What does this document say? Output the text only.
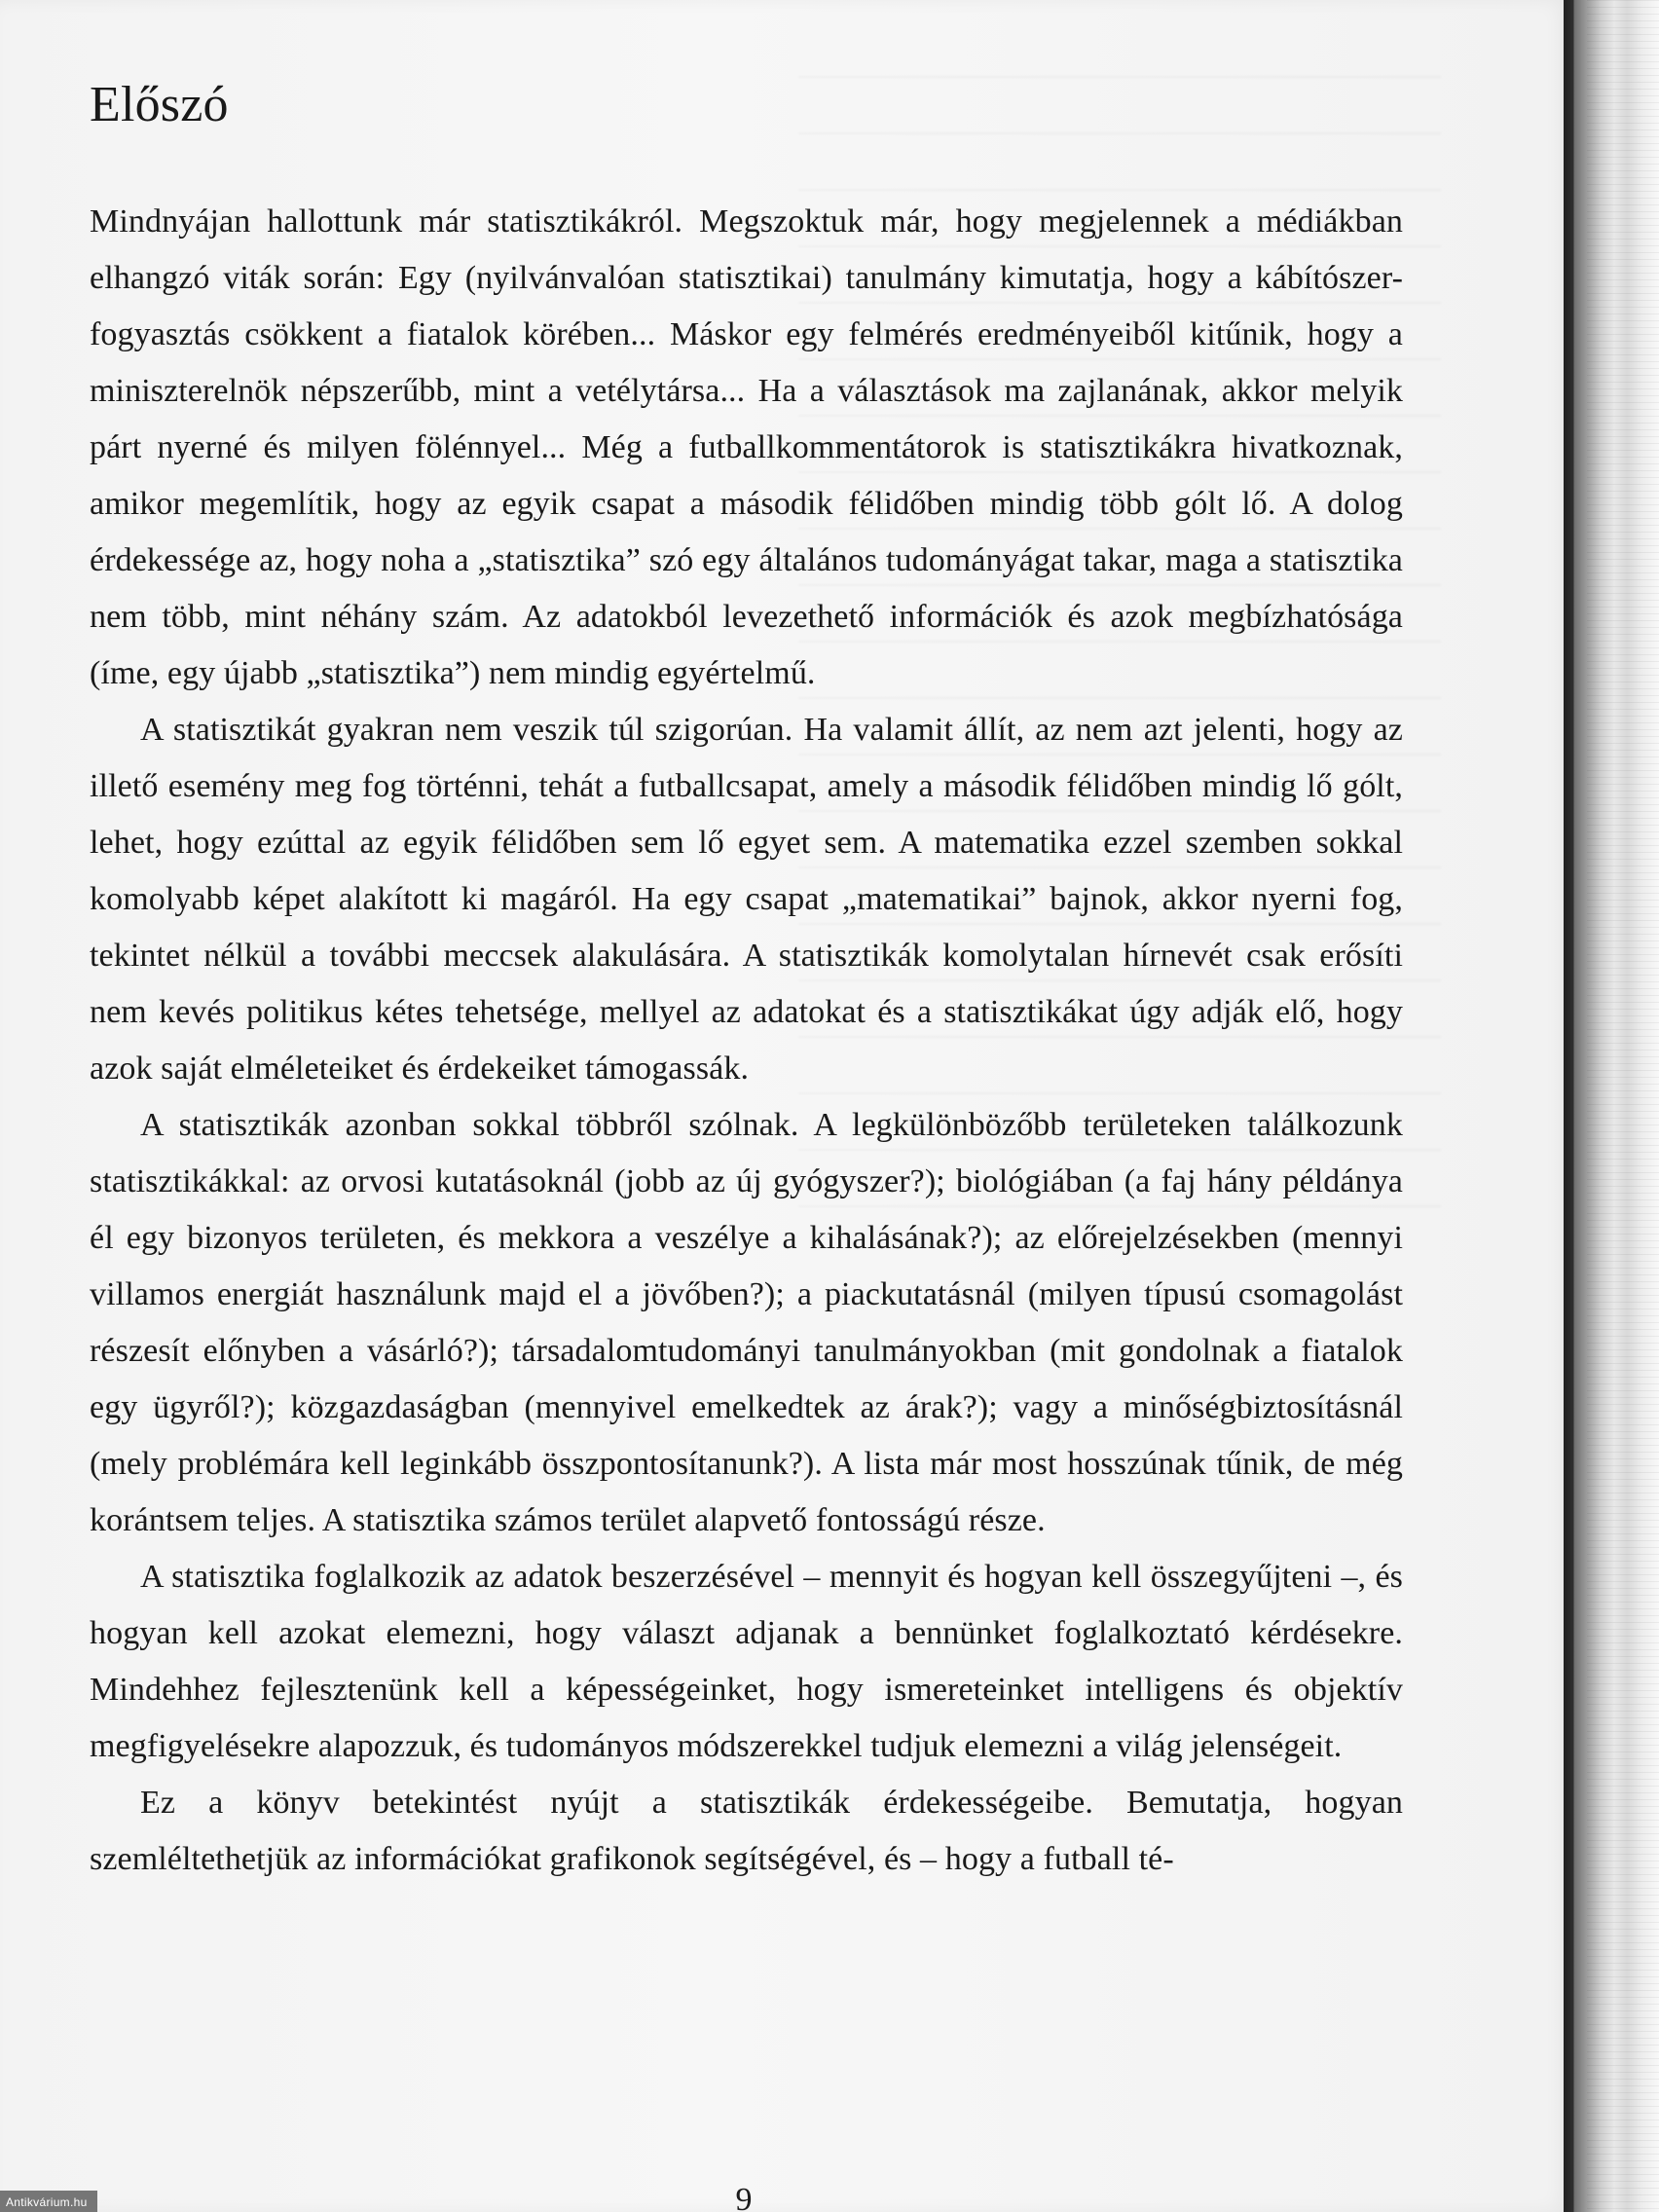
Előszó

Mindnyájan hallottunk már statisztikákról. Megszoktuk már, hogy megjelennek a médiákban elhangzó viták során: Egy (nyilvánvalóan statisztikai) tanulmány kimutatja, hogy a kábítószer-fogyasztás csökkent a fiatalok körében... Máskor egy felmérés eredményeiből kitűnik, hogy a miniszterelnök népszerűbb, mint a vetélytársa... Ha a választások ma zajlanának, akkor melyik párt nyerné és milyen fölénnyel... Még a futballkommentátorok is statisztikákra hivatkoznak, amikor megemlítik, hogy az egyik csapat a második félidőben mindig több gólt lő. A dolog érdekessége az, hogy noha a „statisztika” szó egy általános tudományágat takar, maga a statisztika nem több, mint néhány szám. Az adatokból levezethető információk és azok megbízhatósága (íme, egy újabb „statisztika”) nem mindig egyértelmű.

A statisztikát gyakran nem veszik túl szigorúan. Ha valamit állít, az nem azt jelenti, hogy az illető esemény meg fog történni, tehát a futballcsapat, amely a második félidőben mindig lő gólt, lehet, hogy ezúttal az egyik félidőben sem lő egyet sem. A matematika ezzel szemben sokkal komolyabb képet alakított ki magáról. Ha egy csapat „matematikai” bajnok, akkor nyerni fog, tekintet nélkül a további meccsek alakulására. A statisztikák komolytalan hírnevét csak erősíti nem kevés politikus kétes tehetsége, mellyel az adatokat és a statisztikákat úgy adják elő, hogy azok saját elméleteiket és érdekeiket támogassák.

A statisztikák azonban sokkal többről szólnak. A legkülönbözőbb területeken találkozunk statisztikákkal: az orvosi kutatásoknál (jobb az új gyógyszer?); biológiában (a faj hány példánya él egy bizonyos területen, és mekkora a veszélye a kihalásának?); az előrejelzésekben (mennyi villamos energiát használunk majd el a jövőben?); a piackutatásnál (milyen típusú csomagolást részesít előnyben a vásárló?); társadalomtudományi tanulmányokban (mit gondolnak a fiatalok egy ügyről?); közgazdaságban (mennyivel emelkedtek az árak?); vagy a minőségbiztosításnál (mely problémára kell leginkább összpontosítanunk?). A lista már most hosszúnak tűnik, de még korántsem teljes. A statisztika számos terület alapvető fontosságú része.

A statisztika foglalkozik az adatok beszerzésével – mennyit és hogyan kell összegyűjteni –, és hogyan kell azokat elemezni, hogy választ adjanak a bennünket foglalkoztató kérdésekre. Mindehhez fejlesztenünk kell a képességeinket, hogy ismereteinket intelligens és objektív megfigyelésekre alapozzuk, és tudományos módszerekkel tudjuk elemezni a világ jelenségeit.

Ez a könyv betekintést nyújt a statisztikák érdekességeibe. Bemutatja, hogyan szemléltethetjük az információkat grafikonok segítségével, és – hogy a futball té-

9
Antikvárium.hu
